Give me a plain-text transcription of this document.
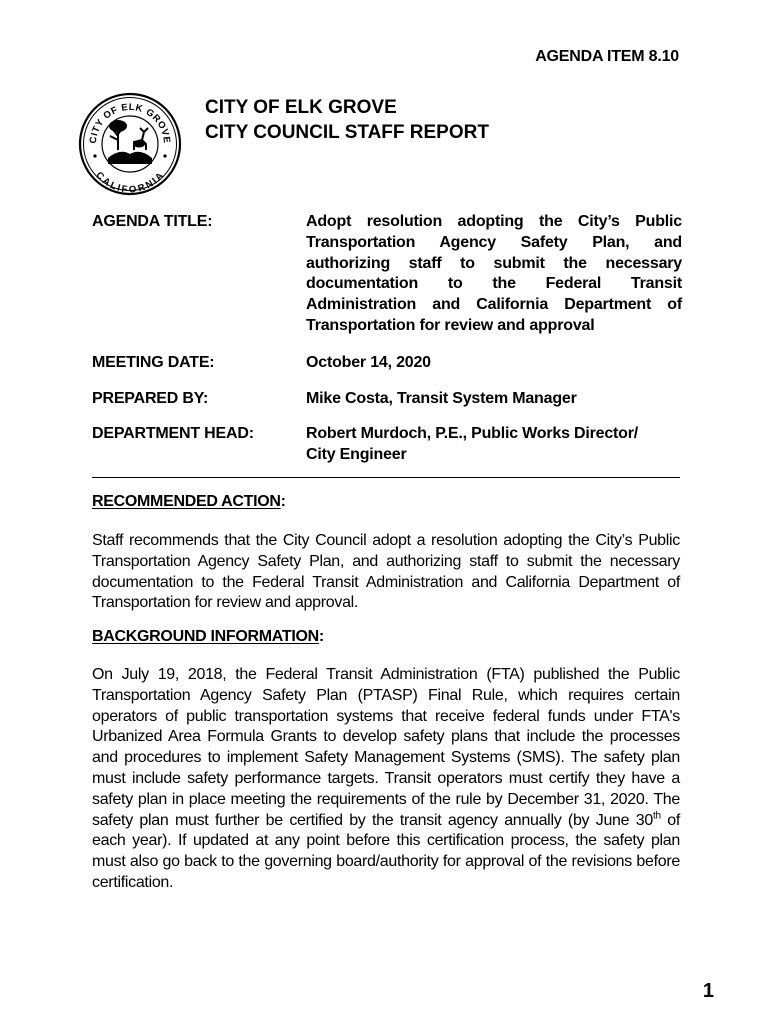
AGENDA ITEM 8.10
CITY OF ELK GROVE
CALIFORNIA
CITY OF ELK GROVE
CITY COUNCIL STAFF REPORT
AGENDA TITLE:	Adopt resolution adopting the City’s Public Transportation Agency Safety Plan, and authorizing staff to submit the necessary documentation to the Federal Transit Administration and California Department of Transportation for review and approval
MEETING DATE:	October 14, 2020
PREPARED BY:	Mike Costa, Transit System Manager
DEPARTMENT HEAD:	Robert Murdoch, P.E., Public Works Director/ City Engineer
RECOMMENDED ACTION:
Staff recommends that the City Council adopt a resolution adopting the City’s Public Transportation Agency Safety Plan, and authorizing staff to submit the necessary documentation to the Federal Transit Administration and California Department of Transportation for review and approval.
BACKGROUND INFORMATION:
On July 19, 2018, the Federal Transit Administration (FTA) published the Public Transportation Agency Safety Plan (PTASP) Final Rule, which requires certain operators of public transportation systems that receive federal funds under FTA's Urbanized Area Formula Grants to develop safety plans that include the processes and procedures to implement Safety Management Systems (SMS). The safety plan must include safety performance targets. Transit operators must certify they have a safety plan in place meeting the requirements of the rule by December 31, 2020. The safety plan must further be certified by the transit agency annually (by June 30th of each year). If updated at any point before this certification process, the safety plan must also go back to the governing board/authority for approval of the revisions before certification.
1
